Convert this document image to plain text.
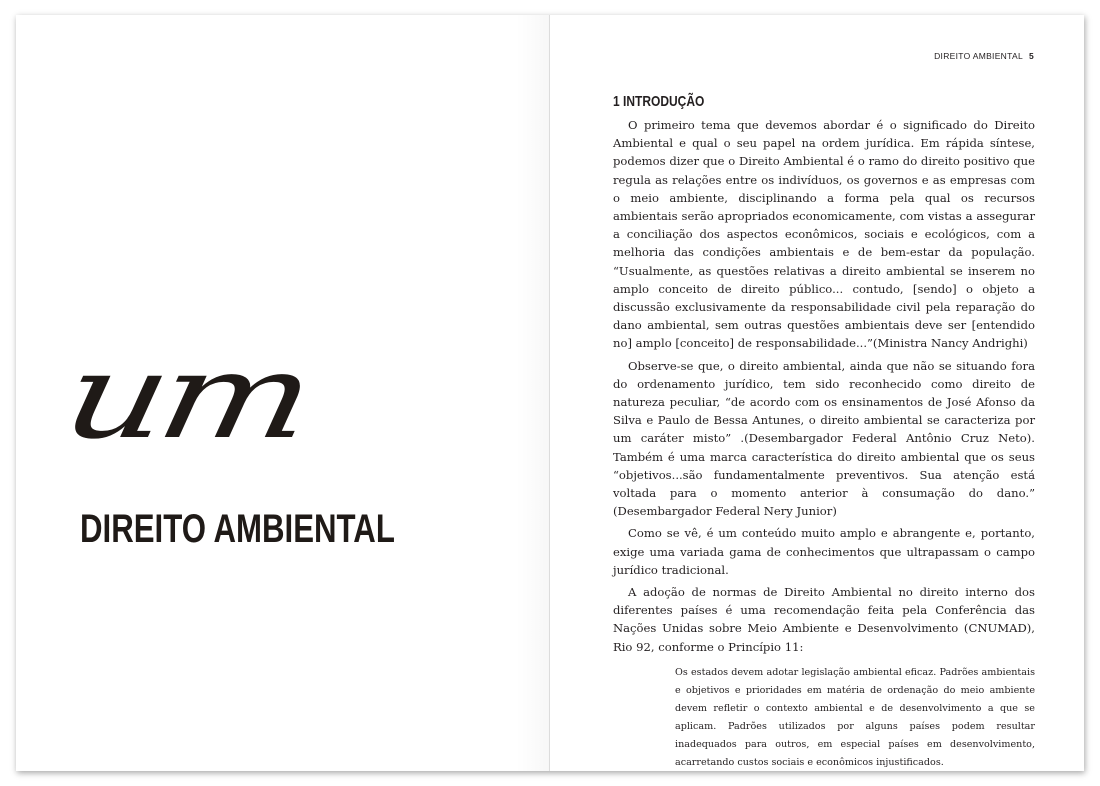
um
DIREITO AMBIENTAL
DIREITO AMBIENTAL 5
1 INTRODUÇÃO

O primeiro tema que devemos abordar é o significado do Direito Ambiental e qual o seu papel na ordem jurídica. Em rápida síntese, podemos dizer que o Direito Ambiental é o ramo do direito positivo que regula as relações entre os indivíduos, os governos e as empresas com o meio ambiente, disciplinando a forma pela qual os recursos ambientais serão apropriados economicamente, com vistas a assegurar a conciliação dos aspectos econômicos, sociais e ecológicos, com a melhoria das condições ambientais e de bem-estar da população. “Usualmente, as questões relativas a direito ambiental se inserem no amplo conceito de direito público... contudo, [sendo] o objeto a discussão exclusivamente da responsabilidade civil pela reparação do dano ambiental, sem outras questões ambientais deve ser [entendido no] amplo [conceito] de responsabilidade...”(Ministra Nancy Andrighi)

Observe-se que, o direito ambiental, ainda que não se situando fora do ordenamento jurídico, tem sido reconhecido como direito de natureza peculiar, “de acordo com os ensinamentos de José Afonso da Silva e Paulo de Bessa Antunes, o direito ambiental se caracteriza por um caráter misto” .(Desembargador Federal Antônio Cruz Neto). Também é uma marca característica do direito ambiental que os seus “objetivos...são fundamentalmente preventivos. Sua atenção está voltada para o momento anterior à consumação do dano.” (Desembargador Federal Nery Junior)

Como se vê, é um conteúdo muito amplo e abrangente e, portanto, exige uma variada gama de conhecimentos que ultrapassam o campo jurídico tradicional.

A adoção de normas de Direito Ambiental no direito interno dos diferentes países é uma recomendação feita pela Conferência das Nações Unidas sobre Meio Ambiente e Desenvolvimento (CNUMAD), Rio 92, conforme o Princípio 11:

Os estados devem adotar legislação ambiental eficaz. Padrões ambientais e objetivos e prioridades em matéria de ordenação do meio ambiente devem refletir o contexto ambiental e de desenvolvimento a que se aplicam. Padrões utilizados por alguns países podem resultar inadequados para outros, em especial países em desenvolvimento, acarretando custos sociais e econômicos injustificados.
